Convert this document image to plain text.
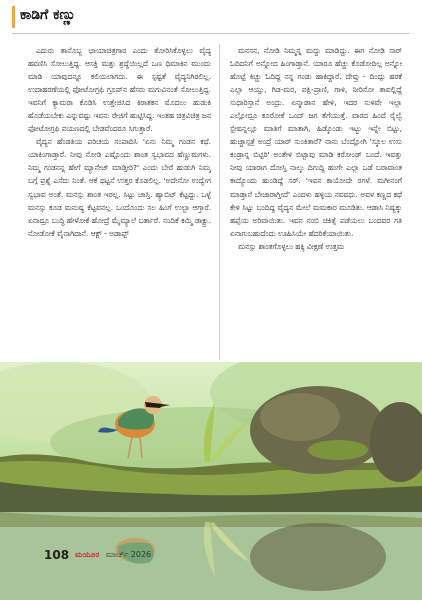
ಕಾಡಿಗೆ ಕಣ್ಣು

ಎದುರು ತಾನೊಬ್ಬ ಛಾಯಾಚಿತ್ರಗಾರ ಎಂದು ತೋರಿಸಿಕೊಳ್ಳಲು ವೈದ್ಯ ಹವಣಿಸಿ ಸೋಲುತ್ತಿದ್ದ. ಆಸಕ್ತಿ ಮತ್ತು ಶ್ರದ್ಧೆಯಿಲ್ಲದೆ ಒಣ ಧಿಮಾಕಿನ ಮುಂದು ಮಾಡಿ ಯಾವುದನ್ನೂ ಕಲಿಯಲಾಗದು. ಈ ಸ್ಪಷ್ಟತೆ ವೈದ್ಯನಿಗಿರಲಿಲ್ಲ. ಉದಾಹರಣೆಯಲ್ಲಿ ಫೋಟೋಗ್ರಫಿ ಗ್ರೂಪ್‌ನ ಹೆಸರು ಮಗುವಿನಂತೆ ಸೋಲುತ್ತಿದ್ದ. ಇವನಿಗೆ ಕ್ಯಾಮರಾ ಕೊಡಿಸಿ ಉತ್ತೇಜಿಸಿದ ಕಿರಾತಕನ ಮೊದಲು ಹುಡುಕಿ ಹೊಡೆಯಬೇಕು ಎನ್ನುವಷ್ಟು ಇವನು ರೇಜಿಗೆ ಹುಟ್ಟಿಸಿದ್ದ. ಇಂತಹ ಚಿತ್ರವಿಚಿತ್ರ ಜನ ಫೋಟೋಗ್ರಫಿ ಪಯಣದಲ್ಲಿ ಬೇಡವೆಂದರೂ ಸಿಗುತ್ತಾರೆ.

ವೈದ್ಯನ ಹೆಂಡತಿಯ ಪರಿಚಯ ಸಂಪಾದಿಸಿ 'ಏನು ನಿಮ್ಮ ಗಂಡನ ಕಥೆ. ಯಾಕಿಂಗಾಡ್ತಾರೆ. ನೀವು ನೋಡಿ ಎಷ್ಟೊಂದು ಶಾಂತ ಸ್ವಭಾವದ ಹೆಣ್ಣುಮಗಳು. ನಿಮ್ಮ ಗಂಡನನ್ನ ಹೇಗೆ ಮ್ಯಾನೇಜ್ ಮಾಡ್ತೀರಿ?' ಎಂದು ಬೇರೆ ಹುಡುಗಿ ನಿಮ್ಮ ಬಗ್ಗೆ ಪ್ರಶ್ನೆ ಎಸೆದು ನಿಂತೆ. ಆಕೆ ಥಟ್ಟನೆ ಉತ್ತರ ಕೊಡಲಿಲ್ಲ. 'ಅದೇನೋ ಉದ್ವೇಗ ಸ್ವಭಾವ ಅಂತೆ. ಮನಸ್ಸು ಶಾಂತ ಇರಲ್ಲ. ಸಿಟ್ಟು ಜಾಸ್ತಿ. ಹ್ಯಾಬಿಟ್ ಕೆಟ್ಟದ್ದು. ಒಳ್ಳೆ ಮನಸ್ಸು ಕೂಡ ಮನುಷ್ಯ ಕೆಟ್ಟವನಲ್ಲ. ಒಂದೊಂದು ಸಲ ಹಿಂಗೆ ಉಲ್ಟಾ ಆಗ್ತಾರೆ. ಏನಾದ್ರೂ ಬುದ್ಧಿ ಹೇಳೋಕೆ ಹೋದ್ರೆ ಮೈಮ್ಯಾಲೆ ಬರ್ತಾರೆ. ನಂದಿಕೆ ಕಮ್ಮಿ ಡಾಕ್ಟ್ರು. ನೋಡೋಕೆ ವೈನಾಗಿದಾನೆ. ಆಕ್ಟ್ - ಅಡಾಪ್ಟ್

ಮನಸನ, ನೋಡಿ ನಿಮ್ಮನ್ನ ಮದ್ದು ಮಾಡಿದ್ದು. ಈಗ ನೋಡಿ ಸಾರ್ ಓದಿದನಿಗೆ ಅನ್ನೋದ ಹಿಂಗಾಡ್ತಾನೆ. ಯಾರೂ ಹೆಚ್ಚು ಕೊಡೋದಿಲ್ಲ ಅನ್ನೋ ಹೊಟ್ಟೆ ಕಿಚ್ಚು ಓದಿದ್ದ ನನ್ನ ಗಂಡು ಹಾಕಿದ್ದಾರೆ. ದೇವ್ರು - ದಿಂದ್ಸು ಹರಕೆ ಎಲ್ಲಾ ಆಯ್ತು, ಗಿಡ-ಮರ, ಪಕ್ಷಿ-ಪ್ರಾಣಿ, ಗಾಳಿ, ನೀರಿನೋ ತಾವಲ್ಲಿದ್ದೆ ಸುಧಾರಿಸ್ತಾನೆ ಅಂದ್ರು. ಏನ್ಮಾಡಾನ ಹೇಳಿ, ಇದರ ಸುಳಿವೇ ಇಲ್ಲಾ ಎಲ್ಲೋದ್ರೂ ಕೂರೋಕೆ ಒಂದ್ ಜಗ ತೆಗೆಯುತ್ತೆ. ವಾರದ ಹಿಂದೆ ರೈಲ್ವೆ ಸ್ಟೇಷನ್ನಲ್ಲೂ ಮಾತಿಗೆ ಮಾತಾಗಿ, ಹಿಡ್ಕೊಂಡು ಇಟ್ಬು ಇನ್ನೇ ಬಿಟ್ಟು, ಹುಚ್ಚಾಸ್ಪತ್ರೆ ಅಂದ್ರೆ ಯಾರ್ ಸುಂಕಿತಾರೆ? ನಾನು ಬೆಂದ್ಲೋಗಿ 'ಸ್ಕೂಲ ಉಸು ಕಂಡ್ರಾನ್ನ ಬಿಟ್ಟಿರಿ' ಅಂತೇಳಿ ಬಿಟ್ಟಾವು ಮಾಡಿ ಕರೋಂಡ್ ಬಂದೆ. ಇವತ್ತು ನೀವು ಯಾರಾಗ ದೋಸ್ತಿ ನಾಲ್ಕು ದಿಗುದ್ದಿ ಹಂಗೇ ಎಲ್ಲಾ ಒಡೆ ಬರಾವಾಂತ ಕಾದ್ಯೊಂದು ಹುಂಡಿದ್ದೆ ಸರ್. 'ಇವನ ಕಾಯೋದೇ ರಗಳೆ. ಮಗೀನಂಗೆ ಮಾಡ್ತಾನೆ ಬೇಜಾರಾಗ್ತೀದೆ' ಎಂದಳು ಹಳ್ಳಿಯ ನವವಧು. ಅವಳ ಕಣ್ಣದ ಕಥೆ ಕೇಳಿ ಸಿಟ್ಟು ಬಂದಿದ್ದ ವೈದ್ಯನ ಮೇಲೆ ಮಮಕಾರ ಮೂಡಿತು. ಆಡಾಸಿ ನಿಷ್ಯಕ್ಕು ಹಪ್ಪೆಯ ಅರಿವಾಯಿತು. ಇವನ ನಂಬಿ ಚಿಕಿತ್ಸೆ ಪಡೆಯಲು ಬಂದವರ ಗತಿ ಏನಾಗುಬಹುದೆಂದು ಊಹಿಸಿಯೇ ಹೆದರಿಕೆಯಾಯಿತು.

ಮನಸ್ಸು ಶಾಂತಗೊಳ್ಳಲು ಹಕ್ಕಿ ವೀಕ್ಷಣೆ ಉತ್ತಮ

108 ಮಯೂರ ಮಾರ್ಚ್ 2026
